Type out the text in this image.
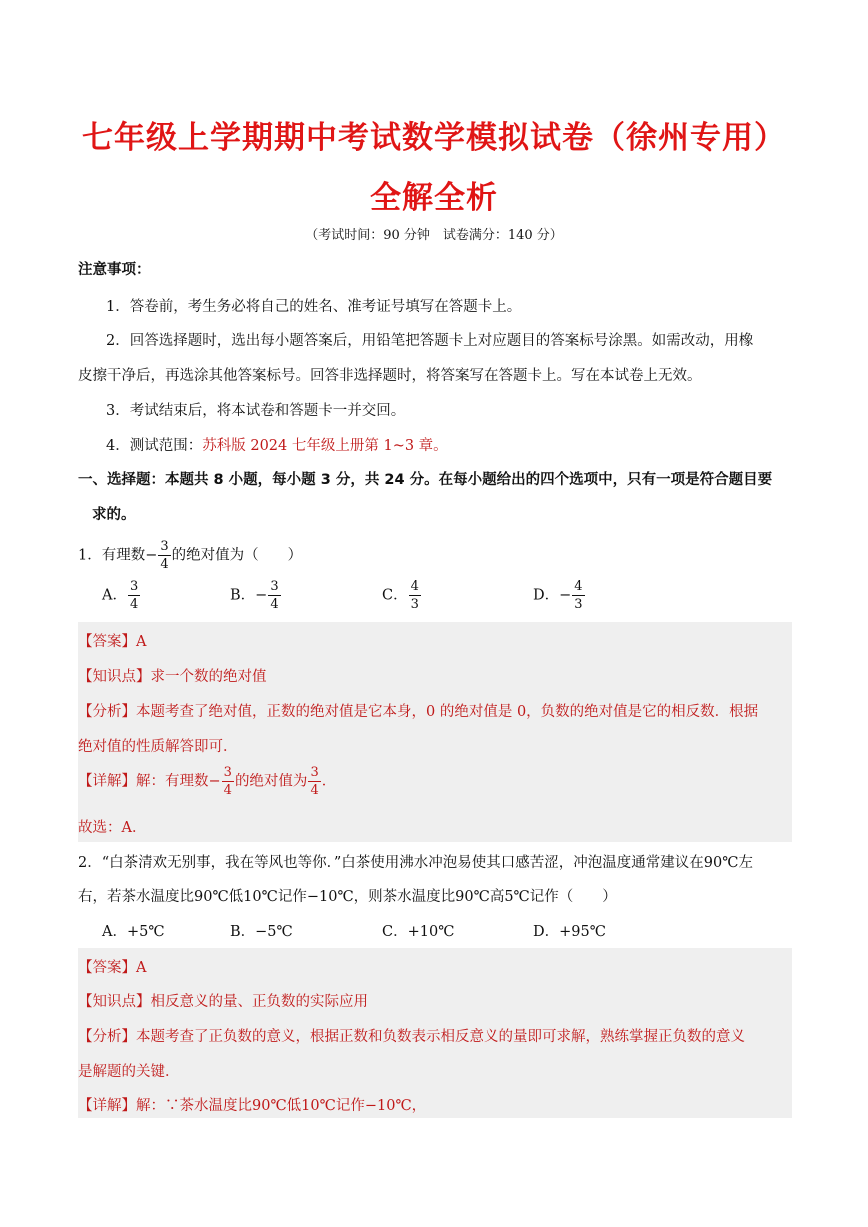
七年级上学期期中考试数学模拟试卷（徐州专用）
全解全析
（考试时间：90 分钟　试卷满分：140 分）
注意事项：
1．答卷前，考生务必将自己的姓名、准考证号填写在答题卡上。
2．回答选择题时，选出每小题答案后，用铅笔把答题卡上对应题目的答案标号涂黑。如需改动，用橡
皮擦干净后，再选涂其他答案标号。回答非选择题时，将答案写在答题卡上。写在本试卷上无效。
3．考试结束后，将本试卷和答题卡一并交回。
4．测试范围：苏科版 2024 七年级上册第 1~3 章。
一、选择题：本题共 8 小题，每小题 3 分，共 24 分。在每小题给出的四个选项中，只有一项是符合题目要
求的。
1．有理数− $\frac{3}{4}$ 的绝对值为（　　）
A． $\frac{3}{4}$	B．− $\frac{3}{4}$	C． $\frac{4}{3}$	D．− $\frac{4}{3}$
【答案】A
【知识点】求一个数的绝对值
【分析】本题考查了绝对值，正数的绝对值是它本身，0 的绝对值是 0，负数的绝对值是它的相反数．根据
绝对值的性质解答即可．
【详解】解：有理数− $\frac{3}{4}$ 的绝对值为 $\frac{3}{4}$ ．
故选：A．
2．“白茶清欢无别事，我在等风也等你．”白茶使用沸水冲泡易使其口感苦涩，冲泡温度通常建议在90℃左
右，若茶水温度比90℃低10℃记作−10℃，则茶水温度比90℃高5℃记作（　　）
A．+5℃	B．−5℃	C．+10℃	D．+95℃
【答案】A
【知识点】相反意义的量、正负数的实际应用
【分析】本题考查了正负数的意义，根据正数和负数表示相反意义的量即可求解，熟练掌握正负数的意义
是解题的关键．
【详解】解：∵茶水温度比90℃低10℃记作−10℃，
